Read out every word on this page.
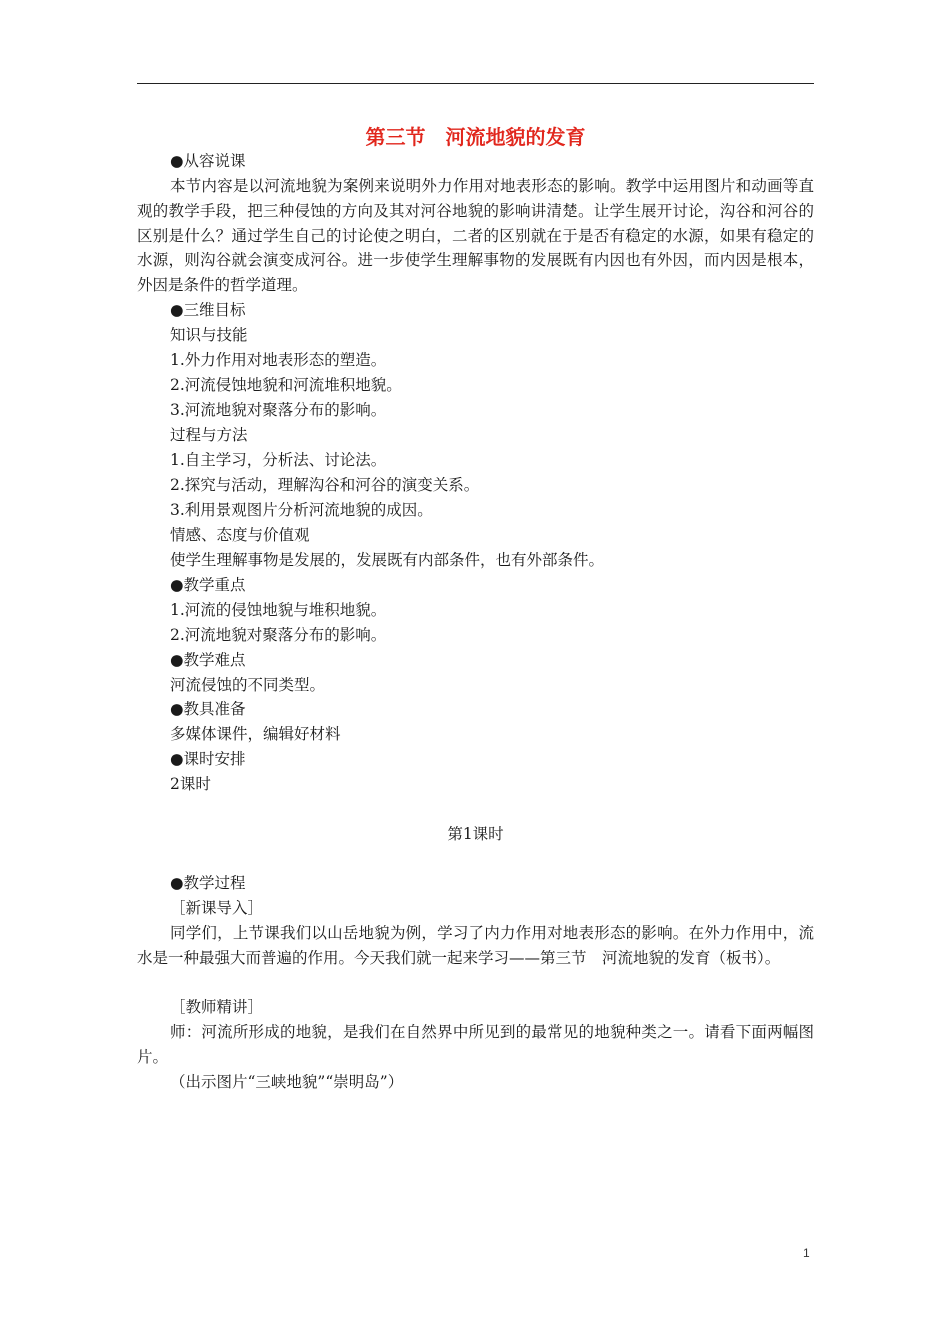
第三节　河流地貌的发育
●从容说课
本节内容是以河流地貌为案例来说明外力作用对地表形态的影响。教学中运用图片和动画等直观的教学手段，把三种侵蚀的方向及其对河谷地貌的影响讲清楚。让学生展开讨论，沟谷和河谷的区别是什么？通过学生自己的讨论使之明白，二者的区别就在于是否有稳定的水源，如果有稳定的水源，则沟谷就会演变成河谷。进一步使学生理解事物的发展既有内因也有外因，而内因是根本，外因是条件的哲学道理。
●三维目标
知识与技能
1.外力作用对地表形态的塑造。
2.河流侵蚀地貌和河流堆积地貌。
3.河流地貌对聚落分布的影响。
过程与方法
1.自主学习，分析法、讨论法。
2.探究与活动，理解沟谷和河谷的演变关系。
3.利用景观图片分析河流地貌的成因。
情感、态度与价值观
使学生理解事物是发展的，发展既有内部条件，也有外部条件。
●教学重点
1.河流的侵蚀地貌与堆积地貌。
2.河流地貌对聚落分布的影响。
●教学难点
河流侵蚀的不同类型。
●教具准备
多媒体课件，编辑好材料
●课时安排
2课时
第1课时
●教学过程
［新课导入］
同学们，上节课我们以山岳地貌为例，学习了内力作用对地表形态的影响。在外力作用中，流水是一种最强大而普遍的作用。今天我们就一起来学习——第三节　河流地貌的发育（板书）。
［教师精讲］
师：河流所形成的地貌，是我们在自然界中所见到的最常见的地貌种类之一。请看下面两幅图片。
（出示图片“三峡地貌”“崇明岛”）
1
